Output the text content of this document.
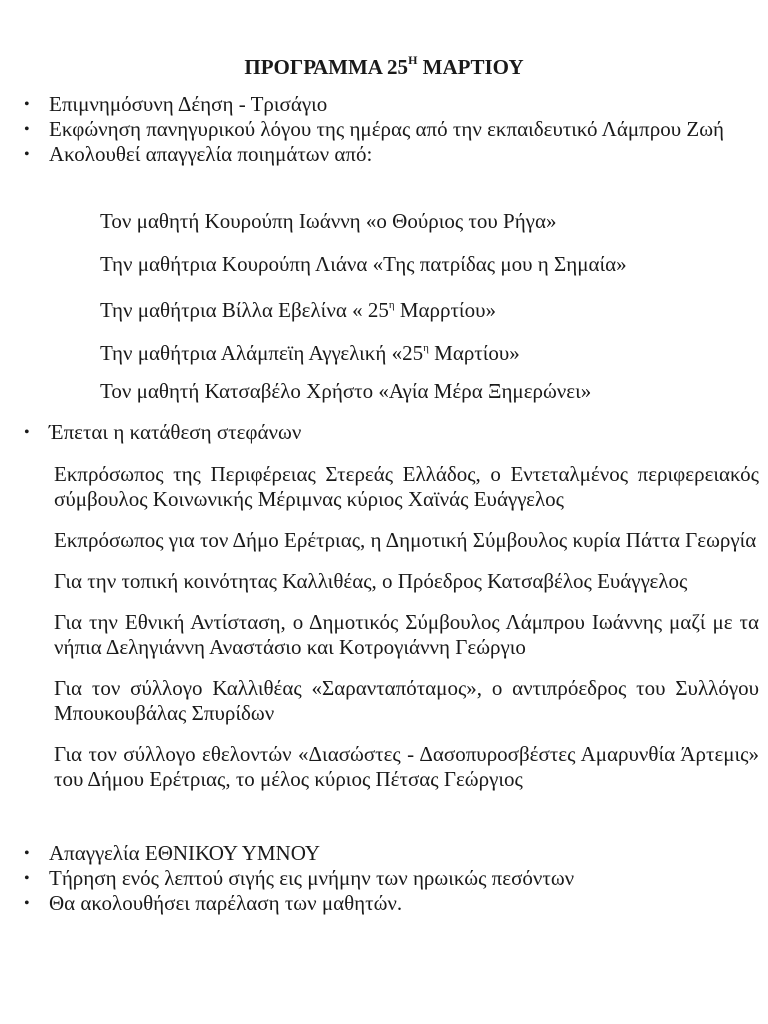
ΠΡΟΓΡΑΜΜΑ $25^H$ ΜΑΡΤΙΟΥ
• Επιμνημόσυνη Δέηση - Τρισάγιο
• Εκφώνηση πανηγυρικού λόγου της ημέρας από την εκπαιδευτικό Λάμπρου Ζωή
• Ακολουθεί απαγγελία ποιημάτων από:
Τον μαθητή Κουρούπη Ιωάννη «ο Θούριος του Ρήγα»
Την μαθήτρια Κουρούπη Λιάνα «Της πατρίδας μου η Σημαία»
Την μαθήτρια Βίλλα Εβελίνα « $25^\eta$ Μαρρτίου»
Την μαθήτρια Αλάμπεϊη Αγγελική «$25^\eta$ Μαρτίου»
Τον μαθητή Κατσαβέλο Χρήστο «Αγία Μέρα Ξημερώνει»
• Έπεται η κατάθεση στεφάνων
Εκπρόσωπος της Περιφέρειας Στερεάς Ελλάδος, ο Εντεταλμένος περιφερειακός σύμβουλος Κοινωνικής Μέριμνας κύριος Χαϊνάς Ευάγγελος
Εκπρόσωπος για τον Δήμο Ερέτριας, η Δημοτική Σύμβουλος κυρία Πάττα Γεωργία
Για την τοπική κοινότητας Καλλιθέας, ο Πρόεδρος Κατσαβέλος Ευάγγελος
Για την Εθνική Αντίσταση, ο Δημοτικός Σύμβουλος Λάμπρου Ιωάννης μαζί με τα νήπια Δεληγιάννη Αναστάσιο και Κοτρογιάννη Γεώργιο
Για τον σύλλογο Καλλιθέας «Σαρανταπόταμος», ο αντιπρόεδρος του Συλλόγου Μπουκουβάλας Σπυρίδων
Για τον σύλλογο εθελοντών «Διασώστες - Δασοπυροσβέστες Αμαρυνθία Άρτεμις» του Δήμου Ερέτριας, το μέλος κύριος Πέτσας Γεώργιος
• Απαγγελία ΕΘΝΙΚΟΥ ΥΜΝΟΥ
• Τήρηση ενός λεπτού σιγής εις μνήμην των ηρωικώς πεσόντων
• Θα ακολουθήσει παρέλαση των μαθητών.
